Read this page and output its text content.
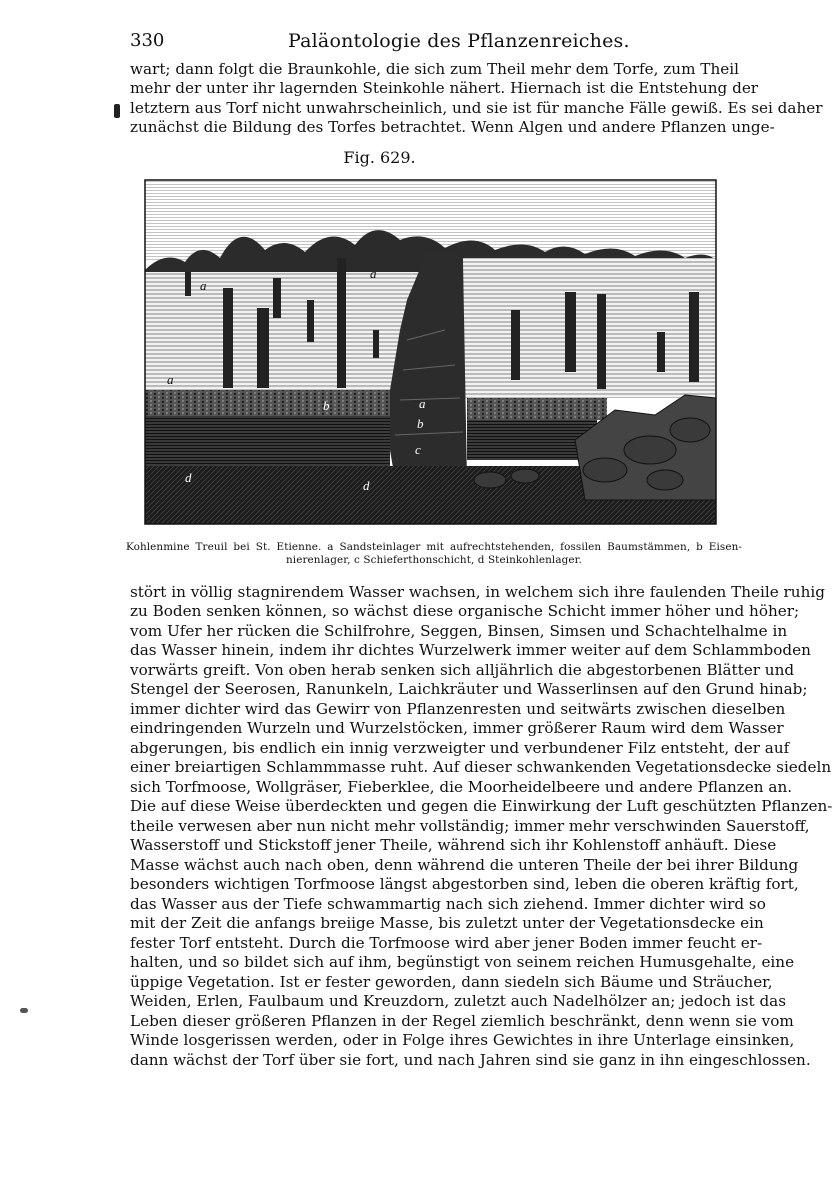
330	Paläontologie des Pflanzenreiches.
wart; dann folgt die Braunkohle, die sich zum Theil mehr dem Torfe, zum Theil
mehr der unter ihr lagernden Steinkohle nähert. Hiernach ist die Entstehung der
letztern aus Torf nicht unwahrscheinlich, und sie ist für manche Fälle gewiß. Es sei daher
zunächst die Bildung des Torfes betrachtet. Wenn Algen und andere Pflanzen unge-
Fig. 629.
a
a
a
a
b
b
c
d
d
Kohlenmine Treuil bei St. Etienne. a Sandsteinlager mit aufrechtstehenden, fossilen Baumstämmen, b Eisen-
nierenlager, c Schieferthonschicht, d Steinkohlenlager.
stört in völlig stagnirendem Wasser wachsen, in welchem sich ihre faulenden Theile ruhig
zu Boden senken können, so wächst diese organische Schicht immer höher und höher;
vom Ufer her rücken die Schilfrohre, Seggen, Binsen, Simsen und Schachtelhalme in
das Wasser hinein, indem ihr dichtes Wurzelwerk immer weiter auf dem Schlammboden
vorwärts greift. Von oben herab senken sich alljährlich die abgestorbenen Blätter und
Stengel der Seerosen, Ranunkeln, Laichkräuter und Wasserlinsen auf den Grund hinab;
immer dichter wird das Gewirr von Pflanzenresten und seitwärts zwischen dieselben
eindringenden Wurzeln und Wurzelstöcken, immer größerer Raum wird dem Wasser
abgerungen, bis endlich ein innig verzweigter und verbundener Filz entsteht, der auf
einer breiartigen Schlammmasse ruht. Auf dieser schwankenden Vegetationsdecke siedeln
sich Torfmoose, Wollgräser, Fieberklee, die Moorheidelbeere und andere Pflanzen an.
Die auf diese Weise überdeckten und gegen die Einwirkung der Luft geschützten Pflanzen-
theile verwesen aber nun nicht mehr vollständig; immer mehr verschwinden Sauerstoff,
Wasserstoff und Stickstoff jener Theile, während sich ihr Kohlenstoff anhäuft. Diese
Masse wächst auch nach oben, denn während die unteren Theile der bei ihrer Bildung
besonders wichtigen Torfmoose längst abgestorben sind, leben die oberen kräftig fort,
das Wasser aus der Tiefe schwammartig nach sich ziehend. Immer dichter wird so
mit der Zeit die anfangs breiige Masse, bis zuletzt unter der Vegetationsdecke ein
fester Torf entsteht. Durch die Torfmoose wird aber jener Boden immer feucht er-
halten, und so bildet sich auf ihm, begünstigt von seinem reichen Humusgehalte, eine
üppige Vegetation. Ist er fester geworden, dann siedeln sich Bäume und Sträucher,
Weiden, Erlen, Faulbaum und Kreuzdorn, zuletzt auch Nadelhölzer an; jedoch ist das
Leben dieser größeren Pflanzen in der Regel ziemlich beschränkt, denn wenn sie vom
Winde losgerissen werden, oder in Folge ihres Gewichtes in ihre Unterlage einsinken,
dann wächst der Torf über sie fort, und nach Jahren sind sie ganz in ihn eingeschlossen.
